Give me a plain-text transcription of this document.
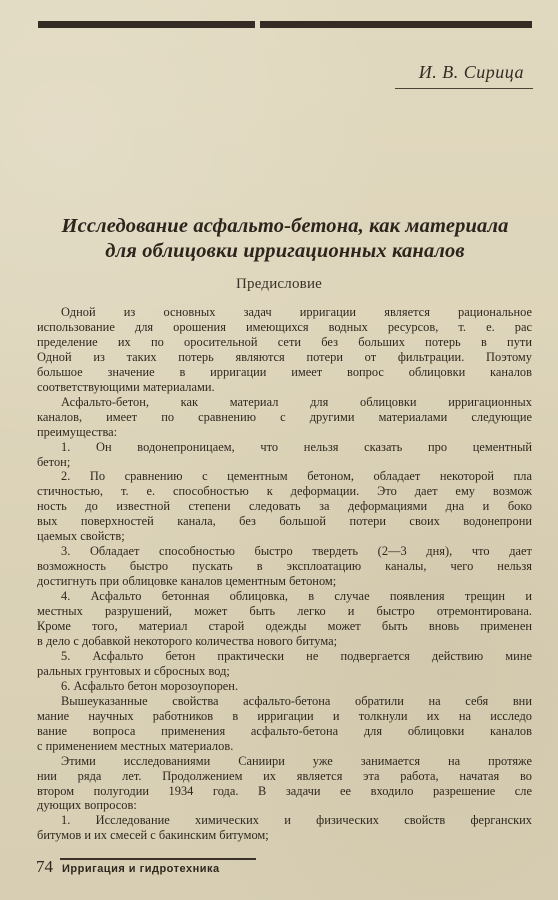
И. В. Сирица
Исследование асфальто-бетона, как материала
для облицовки ирригационных каналов
Предисловие
Одной из основных задач ирригации является рациональное
использование для орошения имеющихся водных ресурсов, т. е. рас
пределение их по оросительной сети без больших потерь в пути
Одной из таких потерь являются потери от фильтрации. Поэтому
большое значение в ирригации имеет вопрос облицовки каналов
соответствующими материалами.
Асфальто-бетон, как материал для облицовки ирригационных
каналов, имеет по сравнению с другими материалами следующие
преимущества:
1. Он водонепроницаем, что нельзя сказать про цементный
бетон;
2. По сравнению с цементным бетоном, обладает некоторой пла
стичностью, т. е. способностью к деформации. Это дает ему возмож
ность до известной степени следовать за деформациями дна и боко
вых поверхностей канала, без большой потери своих водонепрони
цаемых свойств;
3. Обладает способностью быстро твердеть (2—3 дня), что дает
возможность быстро пускать в эксплоатацию каналы, чего нельзя
достигнуть при облицовке каналов цементным бетоном;
4. Асфальто бетонная облицовка, в случае появления трещин и
местных разрушений, может быть легко и быстро отремонтирована.
Кроме того, материал старой одежды может быть вновь применен
в дело с добавкой некоторого количества нового битума;
5. Асфальто бетон практически не подвергается действию мине
ральных грунтовых и сбросных вод;
6. Асфальто бетон морозоупорен.
Вышеуказанные свойства асфальто-бетона обратили на себя вни
мание научных работников в ирригации и толкнули их на исследо
вание вопроса применения асфальто-бетона для облицовки каналов
с применением местных материалов.
Этими исследованиями Саниири уже занимается на протяже
нии ряда лет. Продолжением их является эта работа, начатая во
втором полугодии 1934 года. В задачи ее входило разрешение сле
дующих вопросов:
1. Исследование химических и физических свойств ферганских
битумов и их смесей с бакинским битумом;
74 Ирригация и гидротехника
